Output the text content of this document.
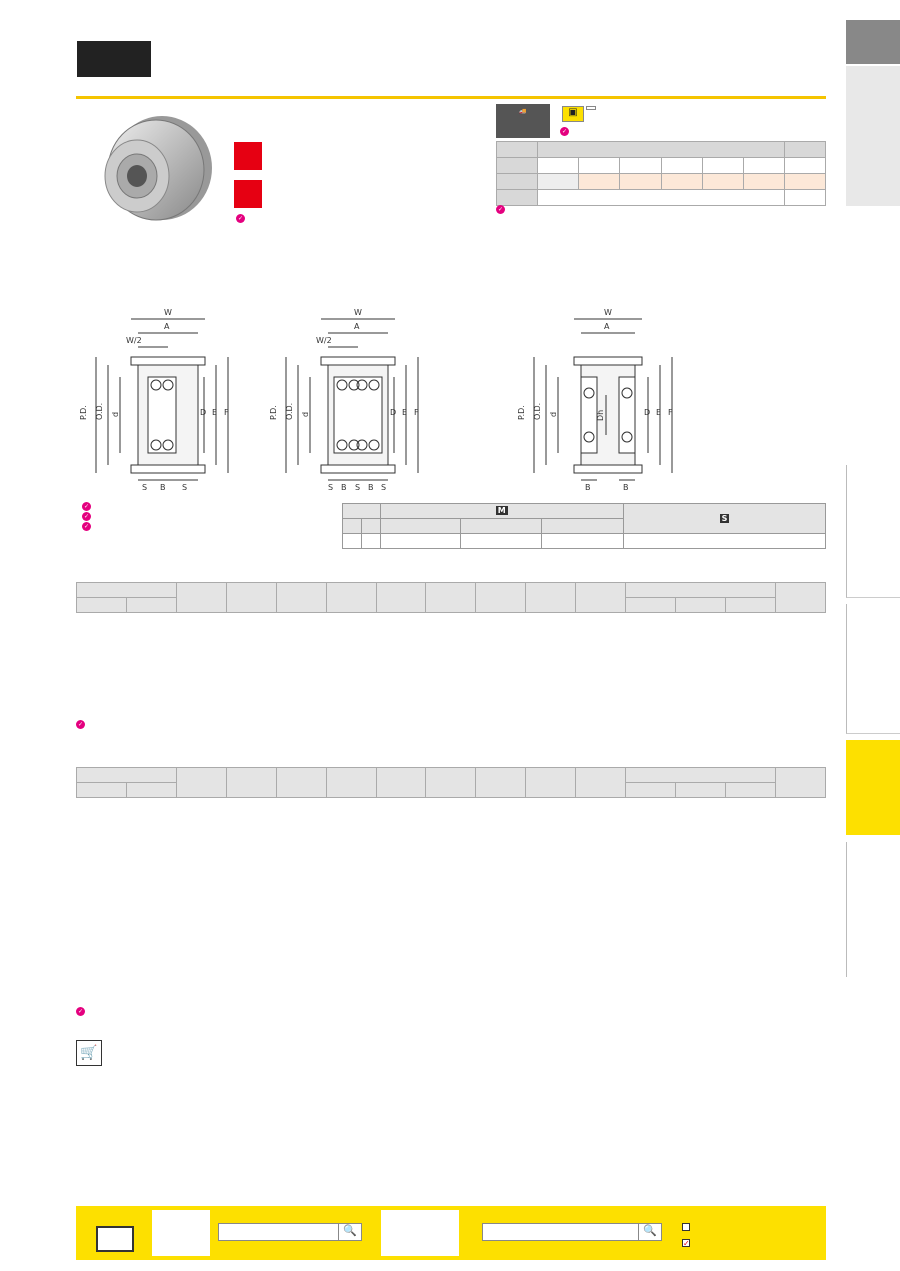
✓
🚚	▣
✓

✓
W
A
W/2
P.D. O.D. d	D E F
S B S
W
A
W/2
P.D. O.D. d	D E F
S B S B S
W
A
P.D. O.D. d	Dh	D E F
B	B
✓
✓
✓
		M			S

✓

✓
🛒
🔍	🔍
✓
